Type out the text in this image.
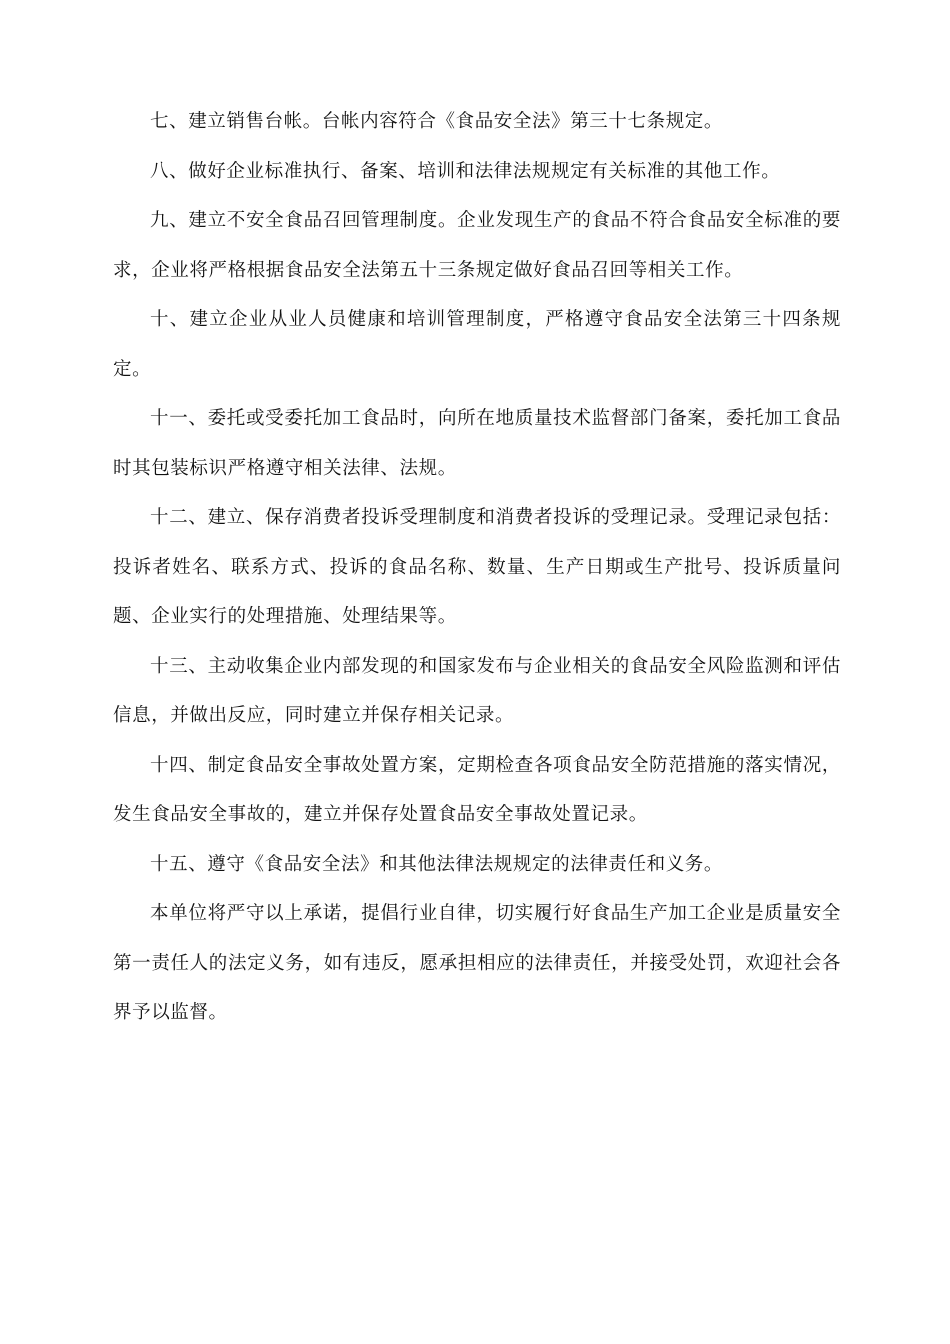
七、建立销售台帐。台帐内容符合《食品安全法》第三十七条规定。

八、做好企业标准执行、备案、培训和法律法规规定有关标准的其他工作。

九、建立不安全食品召回管理制度。企业发现生产的食品不符合食品安全标准的要求，企业将严格根据食品安全法第五十三条规定做好食品召回等相关工作。

十、建立企业从业人员健康和培训管理制度，严格遵守食品安全法第三十四条规定。

十一、委托或受委托加工食品时，向所在地质量技术监督部门备案，委托加工食品时其包装标识严格遵守相关法律、法规。

十二、建立、保存消费者投诉受理制度和消费者投诉的受理记录。受理记录包括：投诉者姓名、联系方式、投诉的食品名称、数量、生产日期或生产批号、投诉质量问题、企业实行的处理措施、处理结果等。

十三、主动收集企业内部发现的和国家发布与企业相关的食品安全风险监测和评估信息，并做出反应，同时建立并保存相关记录。

十四、制定食品安全事故处置方案，定期检查各项食品安全防范措施的落实情况，发生食品安全事故的，建立并保存处置食品安全事故处置记录。

十五、遵守《食品安全法》和其他法律法规规定的法律责任和义务。

本单位将严守以上承诺，提倡行业自律，切实履行好食品生产加工企业是质量安全第一责任人的法定义务，如有违反，愿承担相应的法律责任，并接受处罚，欢迎社会各界予以监督。
